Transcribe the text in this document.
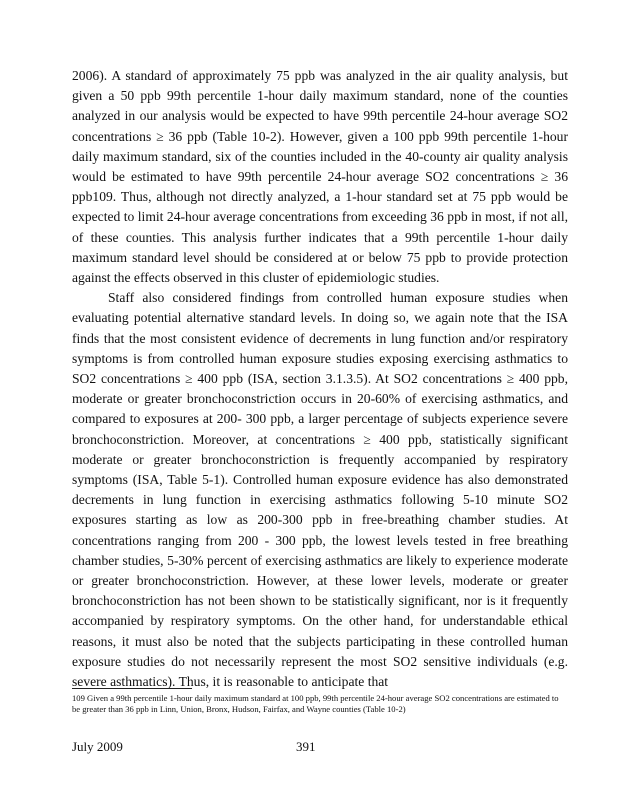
2006). A standard of approximately 75 ppb was analyzed in the air quality analysis, but given a 50 ppb 99th percentile 1-hour daily maximum standard, none of the counties analyzed in our analysis would be expected to have 99th percentile 24-hour average SO2 concentrations ≥ 36 ppb (Table 10-2). However, given a 100 ppb 99th percentile 1-hour daily maximum standard, six of the counties included in the 40-county air quality analysis would be estimated to have 99th percentile 24-hour average SO2 concentrations ≥ 36 ppb109. Thus, although not directly analyzed, a 1-hour standard set at 75 ppb would be expected to limit 24-hour average concentrations from exceeding 36 ppb in most, if not all, of these counties. This analysis further indicates that a 99th percentile 1-hour daily maximum standard level should be considered at or below 75 ppb to provide protection against the effects observed in this cluster of epidemiologic studies.

Staff also considered findings from controlled human exposure studies when evaluating potential alternative standard levels. In doing so, we again note that the ISA finds that the most consistent evidence of decrements in lung function and/or respiratory symptoms is from controlled human exposure studies exposing exercising asthmatics to SO2 concentrations ≥ 400 ppb (ISA, section 3.1.3.5). At SO2 concentrations ≥ 400 ppb, moderate or greater bronchoconstriction occurs in 20-60% of exercising asthmatics, and compared to exposures at 200- 300 ppb, a larger percentage of subjects experience severe bronchoconstriction. Moreover, at concentrations ≥ 400 ppb, statistically significant moderate or greater bronchoconstriction is frequently accompanied by respiratory symptoms (ISA, Table 5-1). Controlled human exposure evidence has also demonstrated decrements in lung function in exercising asthmatics following 5-10 minute SO2 exposures starting as low as 200-300 ppb in free-breathing chamber studies. At concentrations ranging from 200 - 300 ppb, the lowest levels tested in free breathing chamber studies, 5-30% percent of exercising asthmatics are likely to experience moderate or greater bronchoconstriction. However, at these lower levels, moderate or greater bronchoconstriction has not been shown to be statistically significant, nor is it frequently accompanied by respiratory symptoms. On the other hand, for understandable ethical reasons, it must also be noted that the subjects participating in these controlled human exposure studies do not necessarily represent the most SO2 sensitive individuals (e.g. severe asthmatics). Thus, it is reasonable to anticipate that

109 Given a 99th percentile 1-hour daily maximum standard at 100 ppb, 99th percentile 24-hour average SO2 concentrations are estimated to be greater than 36 ppb in Linn, Union, Bronx, Hudson, Fairfax, and Wayne counties (Table 10-2)
July 2009	391
